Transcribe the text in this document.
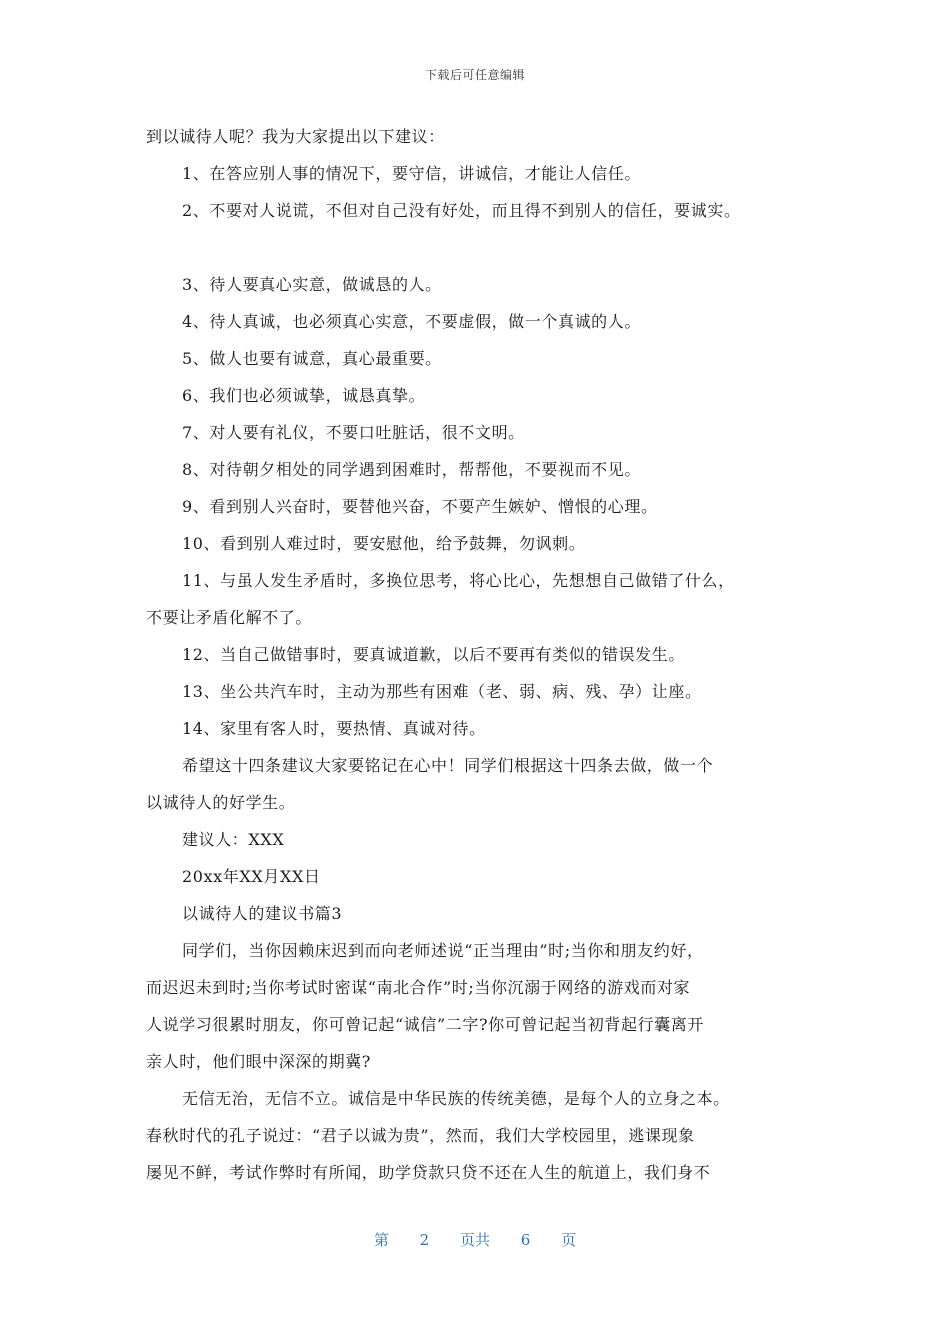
下载后可任意编辑
到以诚待人呢？我为大家提出以下建议：
1、在答应别人事的情况下，要守信，讲诚信，才能让人信任。
2、不要对人说谎，不但对自己没有好处，而且得不到别人的信任，要诚实。
3、待人要真心实意，做诚恳的人。
4、待人真诚，也必须真心实意，不要虚假，做一个真诚的人。
5、做人也要有诚意，真心最重要。
6、我们也必须诚挚，诚恳真挚。
7、对人要有礼仪，不要口吐脏话，很不文明。
8、对待朝夕相处的同学遇到困难时，帮帮他，不要视而不见。
9、看到别人兴奋时，要替他兴奋，不要产生嫉妒、憎恨的心理。
10、看到别人难过时，要安慰他，给予鼓舞，勿讽刺。
11、与虽人发生矛盾时，多换位思考，将心比心，先想想自己做错了什么，
不要让矛盾化解不了。
12、当自己做错事时，要真诚道歉，以后不要再有类似的错误发生。
13、坐公共汽车时，主动为那些有困难（老、弱、病、残、孕）让座。
14、家里有客人时，要热情、真诚对待。
希望这十四条建议大家要铭记在心中！同学们根据这十四条去做，做一个
以诚待人的好学生。
建议人：XXX
20xx年XX月XX日
以诚待人的建议书篇3
同学们，当你因赖床迟到而向老师述说“正当理由”时;当你和朋友约好，
而迟迟未到时;当你考试时密谋“南北合作”时;当你沉溺于网络的游戏而对家
人说学习很累时朋友，你可曾记起“诚信”二字?你可曾记起当初背起行囊离开
亲人时，他们眼中深深的期冀?
无信无治，无信不立。诚信是中华民族的传统美德，是每个人的立身之本。
春秋时代的孔子说过：“君子以诚为贵”，然而，我们大学校园里，逃课现象
屡见不鲜，考试作弊时有所闻，助学贷款只贷不还在人生的航道上，我们身不
第 2 页共 6 页
